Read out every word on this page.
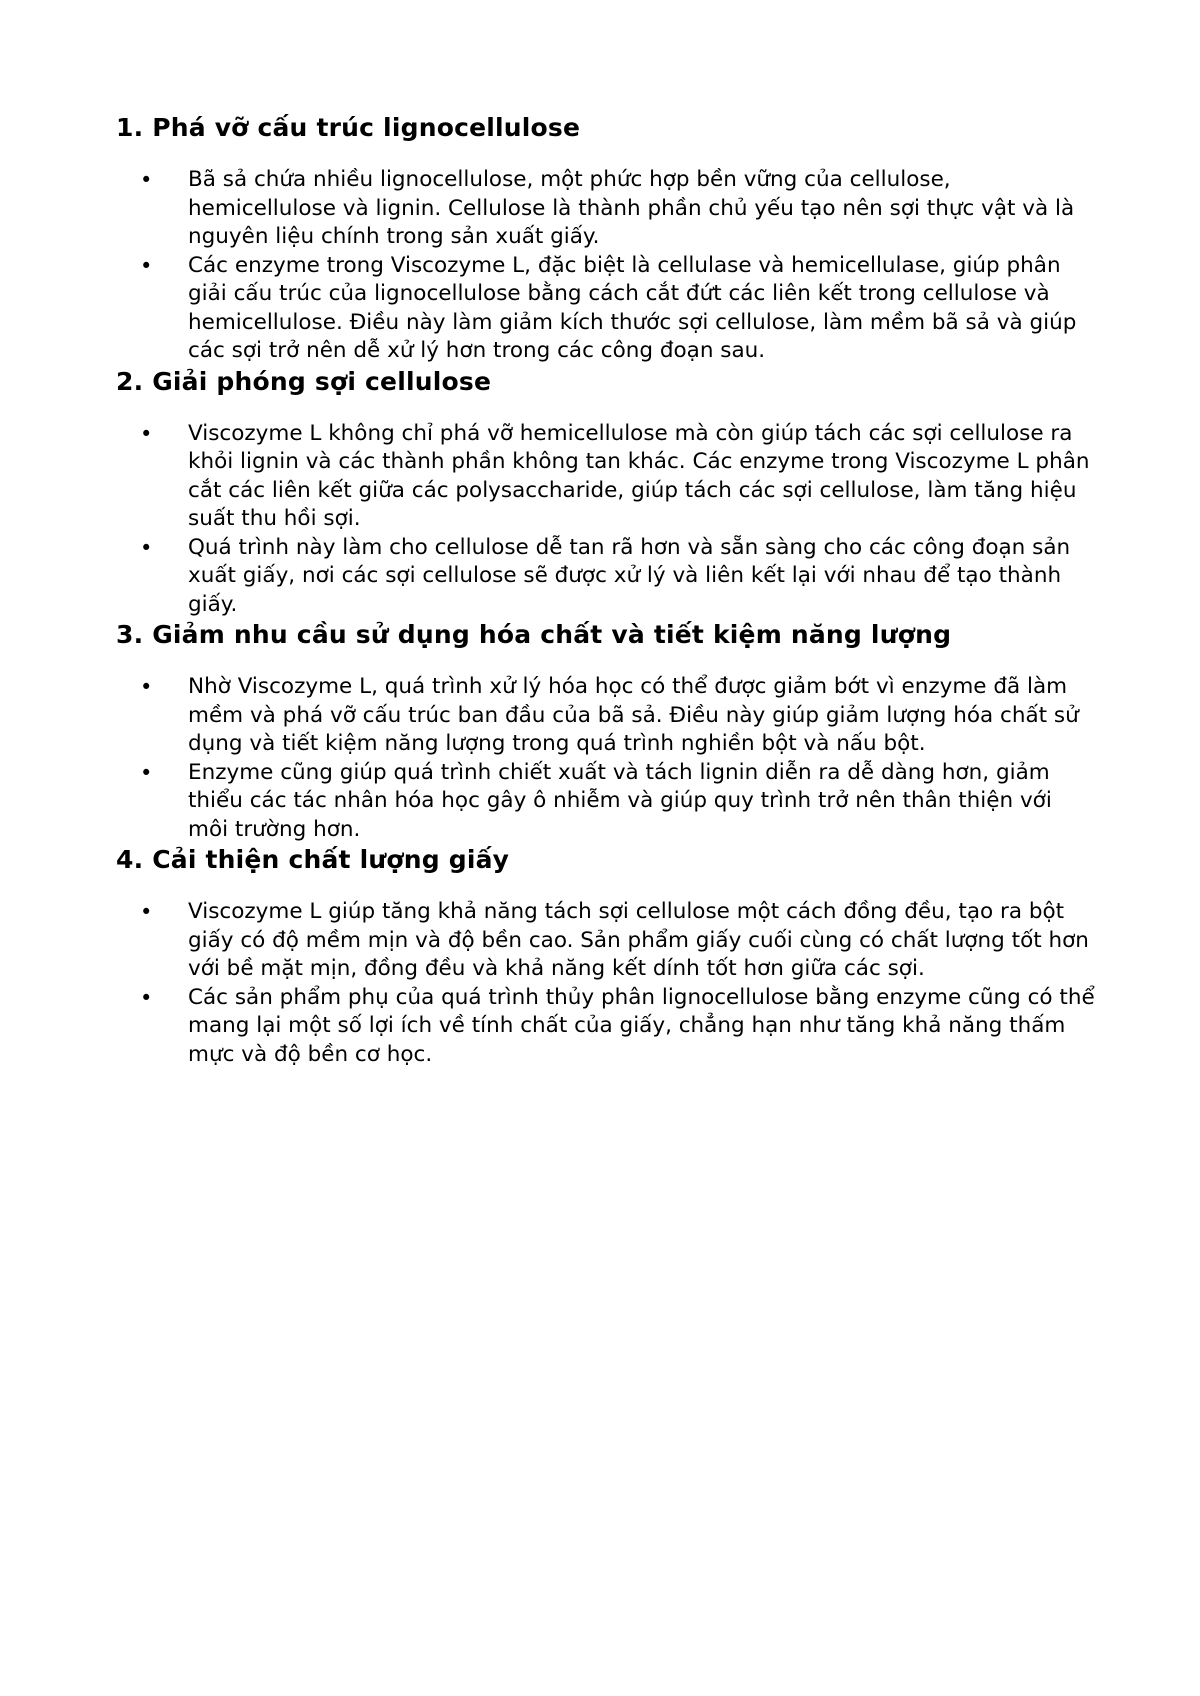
1. Phá vỡ cấu trúc lignocellulose
• Bã sả chứa nhiều lignocellulose, một phức hợp bền vững của cellulose, hemicellulose và lignin. Cellulose là thành phần chủ yếu tạo nên sợi thực vật và là nguyên liệu chính trong sản xuất giấy.
• Các enzyme trong Viscozyme L, đặc biệt là cellulase và hemicellulase, giúp phân giải cấu trúc của lignocellulose bằng cách cắt đứt các liên kết trong cellulose và hemicellulose. Điều này làm giảm kích thước sợi cellulose, làm mềm bã sả và giúp các sợi trở nên dễ xử lý hơn trong các công đoạn sau.
2. Giải phóng sợi cellulose
• Viscozyme L không chỉ phá vỡ hemicellulose mà còn giúp tách các sợi cellulose ra khỏi lignin và các thành phần không tan khác. Các enzyme trong Viscozyme L phân cắt các liên kết giữa các polysaccharide, giúp tách các sợi cellulose, làm tăng hiệu suất thu hồi sợi.
• Quá trình này làm cho cellulose dễ tan rã hơn và sẵn sàng cho các công đoạn sản xuất giấy, nơi các sợi cellulose sẽ được xử lý và liên kết lại với nhau để tạo thành giấy.
3. Giảm nhu cầu sử dụng hóa chất và tiết kiệm năng lượng
• Nhờ Viscozyme L, quá trình xử lý hóa học có thể được giảm bớt vì enzyme đã làm mềm và phá vỡ cấu trúc ban đầu của bã sả. Điều này giúp giảm lượng hóa chất sử dụng và tiết kiệm năng lượng trong quá trình nghiền bột và nấu bột.
• Enzyme cũng giúp quá trình chiết xuất và tách lignin diễn ra dễ dàng hơn, giảm thiểu các tác nhân hóa học gây ô nhiễm và giúp quy trình trở nên thân thiện với môi trường hơn.
4. Cải thiện chất lượng giấy
• Viscozyme L giúp tăng khả năng tách sợi cellulose một cách đồng đều, tạo ra bột giấy có độ mềm mịn và độ bền cao. Sản phẩm giấy cuối cùng có chất lượng tốt hơn với bề mặt mịn, đồng đều và khả năng kết dính tốt hơn giữa các sợi.
• Các sản phẩm phụ của quá trình thủy phân lignocellulose bằng enzyme cũng có thể mang lại một số lợi ích về tính chất của giấy, chẳng hạn như tăng khả năng thấm mực và độ bền cơ học.
